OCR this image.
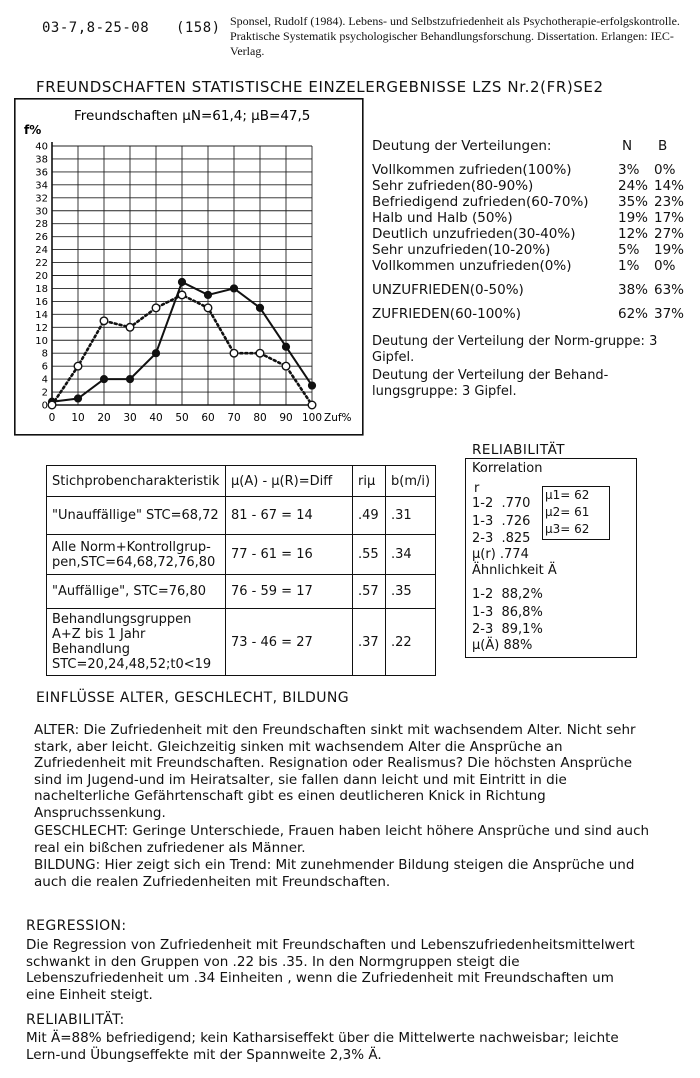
03-7,8-25-08 (158) Sponsel, Rudolf (1984). Lebens- und Selbstzufriedenheit als Psychotherapie-erfolgskontrolle. Praktische Systematik psychologischer Behandlungsforschung. Dissertation. Erlangen: IEC-Verlag.
FREUNDSCHAFTEN STATISTISCHE EINZELERGEBNISSE LZS Nr.2(FR)SE2
Freundschaften μN=61,4; μB=47,5
f%
0
2
4
6
8
10
12
14
16
18
20
22
24
26
28
30
32
34
36
38
40
0 10 20 30 40 50 60 70 80 90 100 Zuf%
Deutung der Verteilungen:	N B
Vollkommen zufrieden(100%)	3% 0%
Sehr zufrieden(80-90%)	24% 14%
Befriedigend zufrieden(60-70%) 35% 23%
Halb und Halb (50%)	19% 17%
Deutlich unzufrieden(30-40%)	12% 27%
Sehr unzufrieden(10-20%)	5% 19%
Vollkommen unzufrieden(0%)	1% 0%
UNZUFRIEDEN(0-50%)	38% 63%
ZUFRIEDEN(60-100%)	62% 37%
Deutung der Verteilung der Norm-gruppe: 3 Gipfel.
Deutung der Verteilung der Behand-lungsgruppe: 3 Gipfel.
RELIABILITÄT
Korrelation
r
1-2 .770
1-3 .726
2-3 .825
μ1= 62
μ2= 61
μ3= 62
μ(r) .774
Ähnlichkeit Ä
1-2 88,2%
1-3 86,8%
2-3 89,1%
μ(Ä) 88%
Stichprobencharakteristik	μ(A) - μ(R)=Diff	riμ	b(m/i)
"Unauffällige" STC=68,72	81 - 67 = 14	.49	.31
Alle Norm+Kontrollgrup-pen,STC=64,68,72,76,80	77 - 61 = 16	.55	.34
"Auffällige", STC=76,80	76 - 59 = 17	.57	.35
Behandlungsgruppen A+Z bis 1 Jahr Behandlung STC=20,24,48,52;t0<19	73 - 46 = 27	.37	.22
EINFLÜSSE ALTER, GESCHLECHT, BILDUNG
ALTER: Die Zufriedenheit mit den Freundschaften sinkt mit wachsendem Alter. Nicht sehr stark, aber leicht. Gleichzeitig sinken mit wachsendem Alter die Ansprüche an Zufriedenheit mit Freundschaften. Resignation oder Realismus? Die höchsten Ansprüche sind im Jugend-und im Heiratsalter, sie fallen dann leicht und mit Eintritt in die nachelterliche Gefährtenschaft gibt es einen deutlicheren Knick in Richtung Anspruchssenkung.
GESCHLECHT: Geringe Unterschiede, Frauen haben leicht höhere Ansprüche und sind auch real ein bißchen zufriedener als Männer.
BILDUNG: Hier zeigt sich ein Trend: Mit zunehmender Bildung steigen die Ansprüche und auch die realen Zufriedenheiten mit Freundschaften.
REGRESSION:
Die Regression von Zufriedenheit mit Freundschaften und Lebenszufriedenheitsmittelwert schwankt in den Gruppen von .22 bis .35. In den Normgruppen steigt die Lebenszufriedenheit um .34 Einheiten , wenn die Zufriedenheit mit Freundschaften um eine Einheit steigt.
RELIABILITÄT:
Mit Ä=88% befriedigend; kein Katharsiseffekt über die Mittelwerte nachweisbar; leichte Lern-und Übungseffekte mit der Spannweite 2,3% Ä.
